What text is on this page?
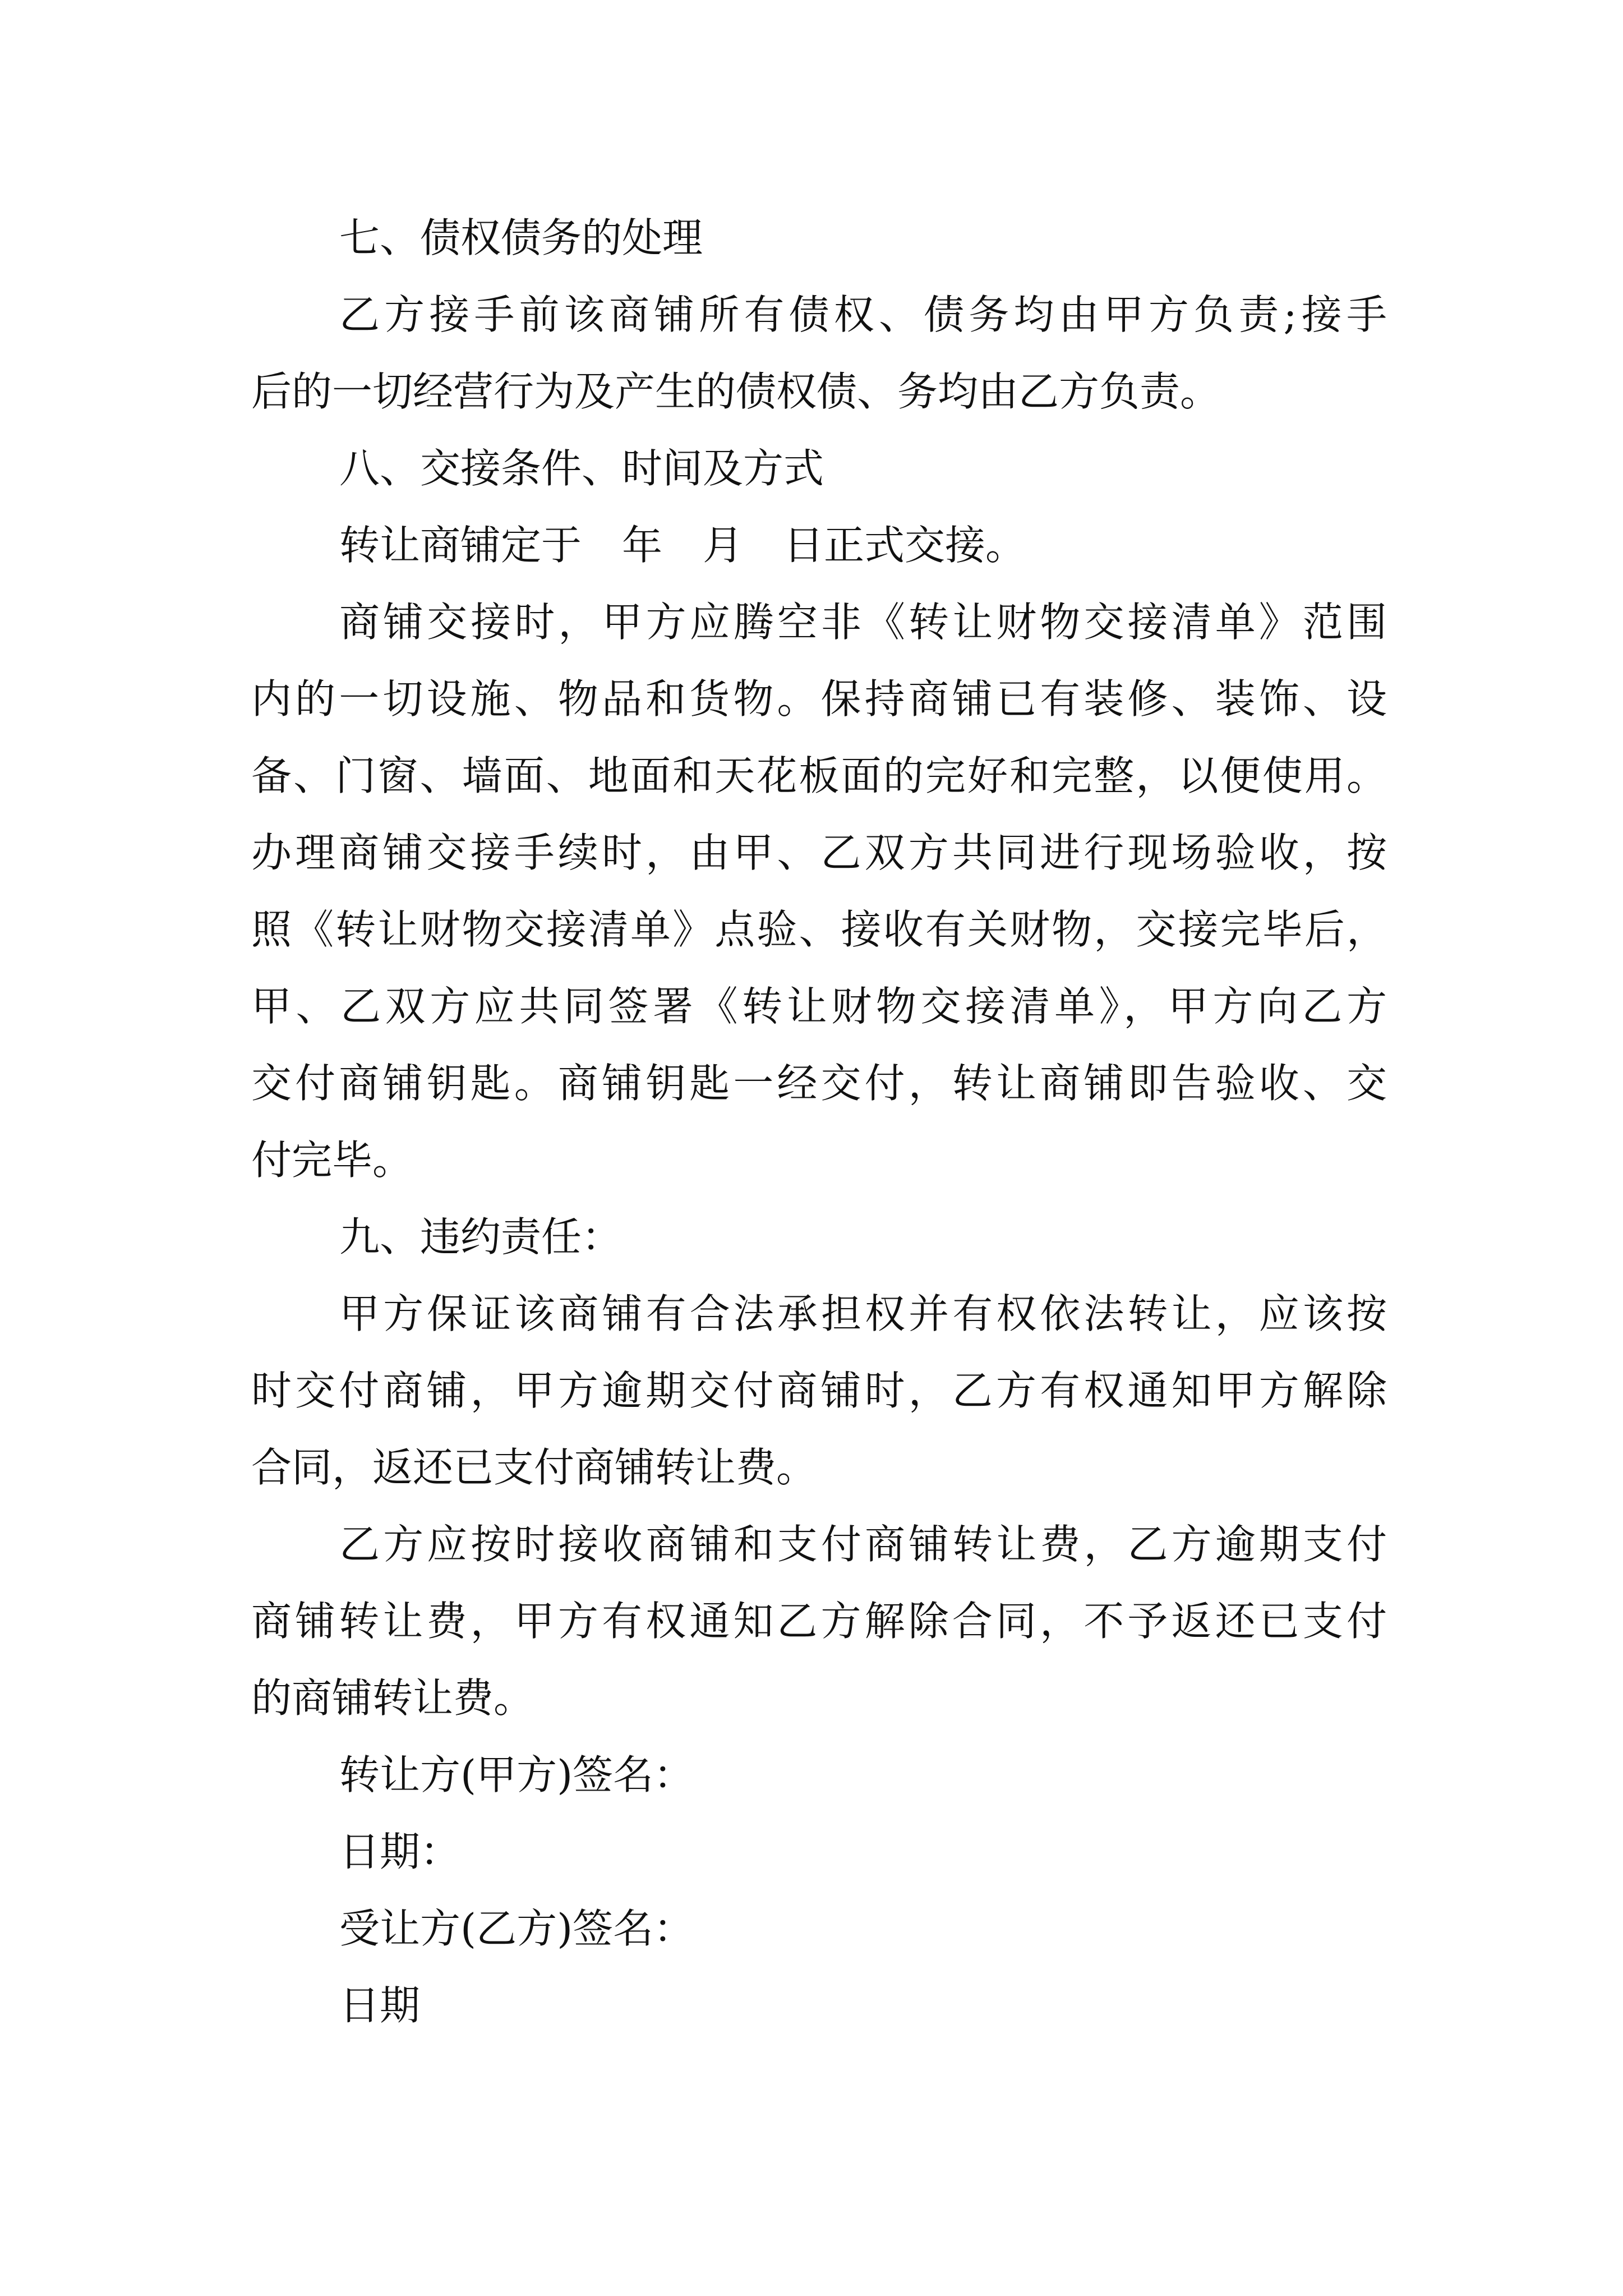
七、债权债务的处理
乙方接手前该商铺所有债权、债务均由甲方负责;接手
后的一切经营行为及产生的债权债、务均由乙方负责。
八、交接条件、时间及方式
转让商铺定于　年　月　日正式交接。
商铺交接时，甲方应腾空非《转让财物交接清单》范围
内的一切设施、物品和货物。保持商铺已有装修、装饰、设
备、门窗、墙面、地面和天花板面的完好和完整，以便使用。
办理商铺交接手续时，由甲、乙双方共同进行现场验收，按
照《转让财物交接清单》点验、接收有关财物，交接完毕后，
甲、乙双方应共同签署《转让财物交接清单》，甲方向乙方
交付商铺钥匙。商铺钥匙一经交付，转让商铺即告验收、交
付完毕。
九、违约责任：
甲方保证该商铺有合法承担权并有权依法转让，应该按
时交付商铺，甲方逾期交付商铺时，乙方有权通知甲方解除
合同，返还已支付商铺转让费。
乙方应按时接收商铺和支付商铺转让费，乙方逾期支付
商铺转让费，甲方有权通知乙方解除合同，不予返还已支付
的商铺转让费。
转让方(甲方)签名：
日期：
受让方(乙方)签名：
日期
